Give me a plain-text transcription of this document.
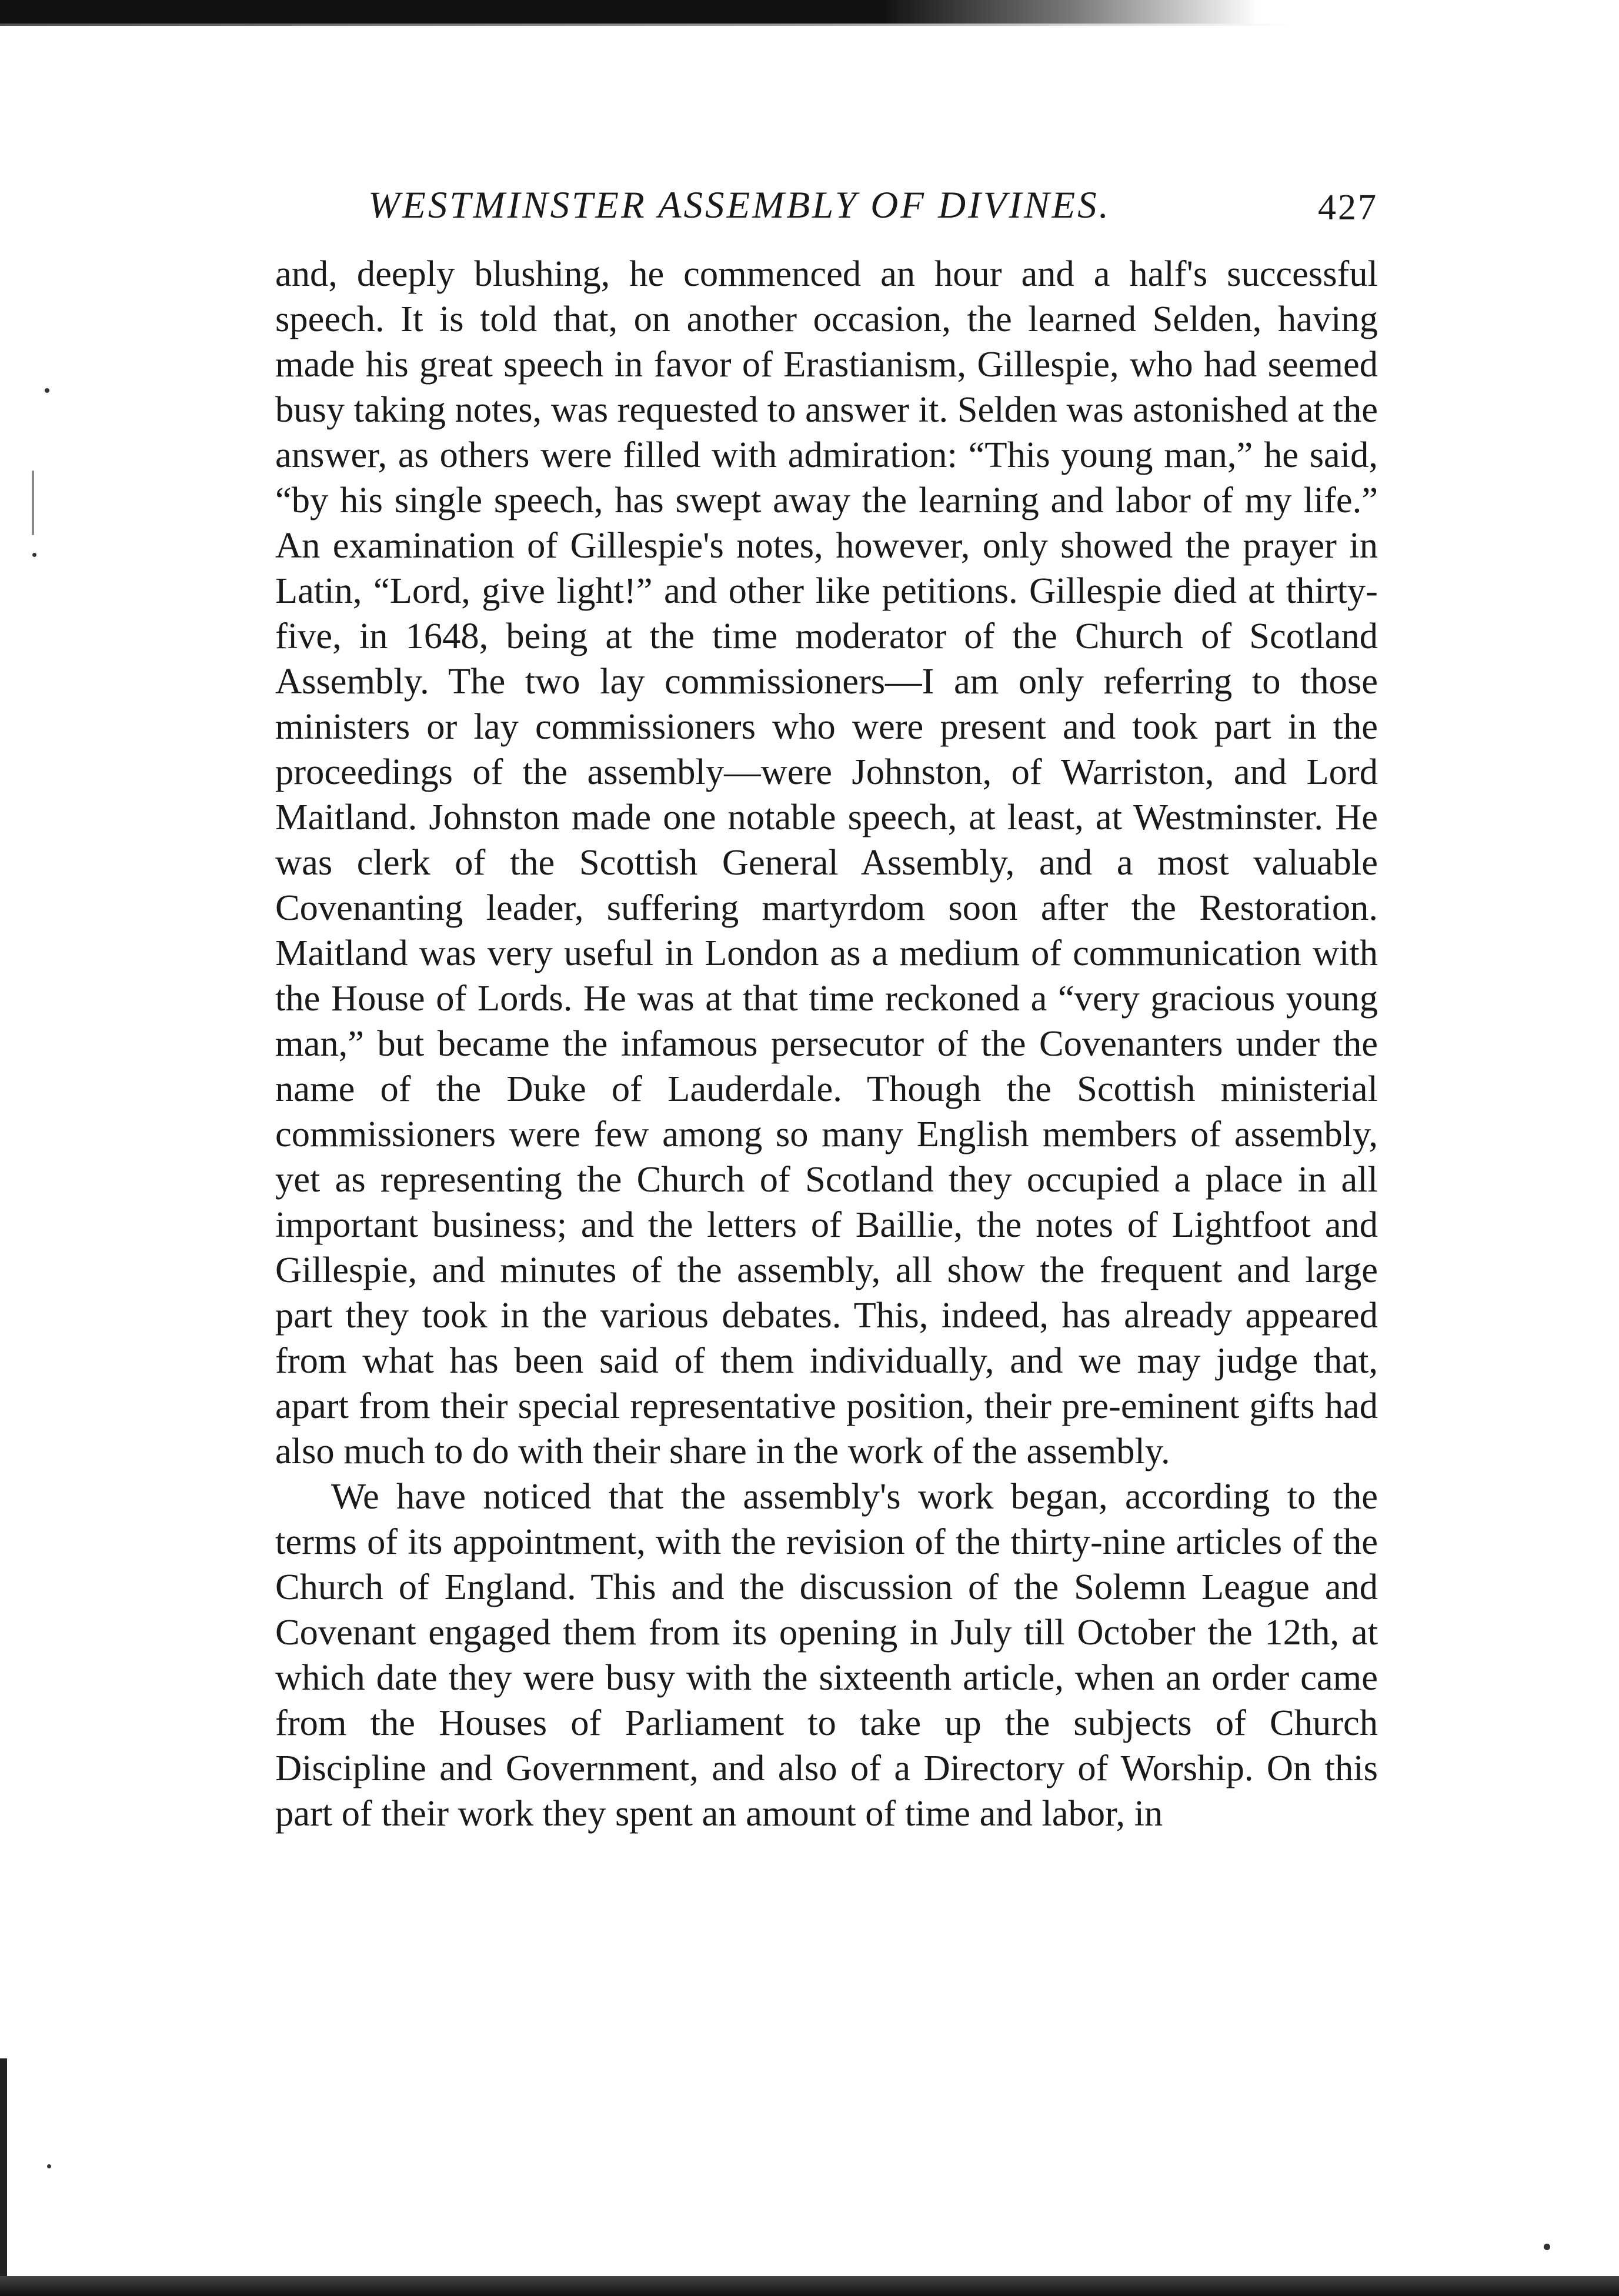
WESTMINSTER ASSEMBLY OF DIVINES.	427

and, deeply blushing, he commenced an hour and a half's successful speech. It is told that, on another occasion, the learned Selden, having made his great speech in favor of Erastianism, Gillespie, who had seemed busy taking notes, was requested to answer it. Selden was astonished at the answer, as others were filled with admiration: “This young man,” he said, “by his single speech, has swept away the learning and labor of my life.” An examination of Gillespie's notes, however, only showed the prayer in Latin, “Lord, give light!” and other like petitions. Gillespie died at thirty-five, in 1648, being at the time moderator of the Church of Scotland Assembly. The two lay commissioners—I am only referring to those ministers or lay commissioners who were present and took part in the proceedings of the assembly—were Johnston, of Warriston, and Lord Maitland. Johnston made one notable speech, at least, at Westminster. He was clerk of the Scottish General Assembly, and a most valuable Covenanting leader, suffering martyrdom soon after the Restoration. Maitland was very useful in London as a medium of communication with the House of Lords. He was at that time reckoned a “very gracious young man,” but became the infamous persecutor of the Covenanters under the name of the Duke of Lauderdale. Though the Scottish ministerial commissioners were few among so many English members of assembly, yet as representing the Church of Scotland they occupied a place in all important business; and the letters of Baillie, the notes of Lightfoot and Gillespie, and minutes of the assembly, all show the frequent and large part they took in the various debates. This, indeed, has already appeared from what has been said of them individually, and we may judge that, apart from their special representative position, their pre-eminent gifts had also much to do with their share in the work of the assembly.

We have noticed that the assembly's work began, according to the terms of its appointment, with the revision of the thirty-nine articles of the Church of England. This and the discussion of the Solemn League and Covenant engaged them from its opening in July till October the 12th, at which date they were busy with the sixteenth article, when an order came from the Houses of Parliament to take up the subjects of Church Discipline and Government, and also of a Directory of Worship. On this part of their work they spent an amount of time and labor, in
